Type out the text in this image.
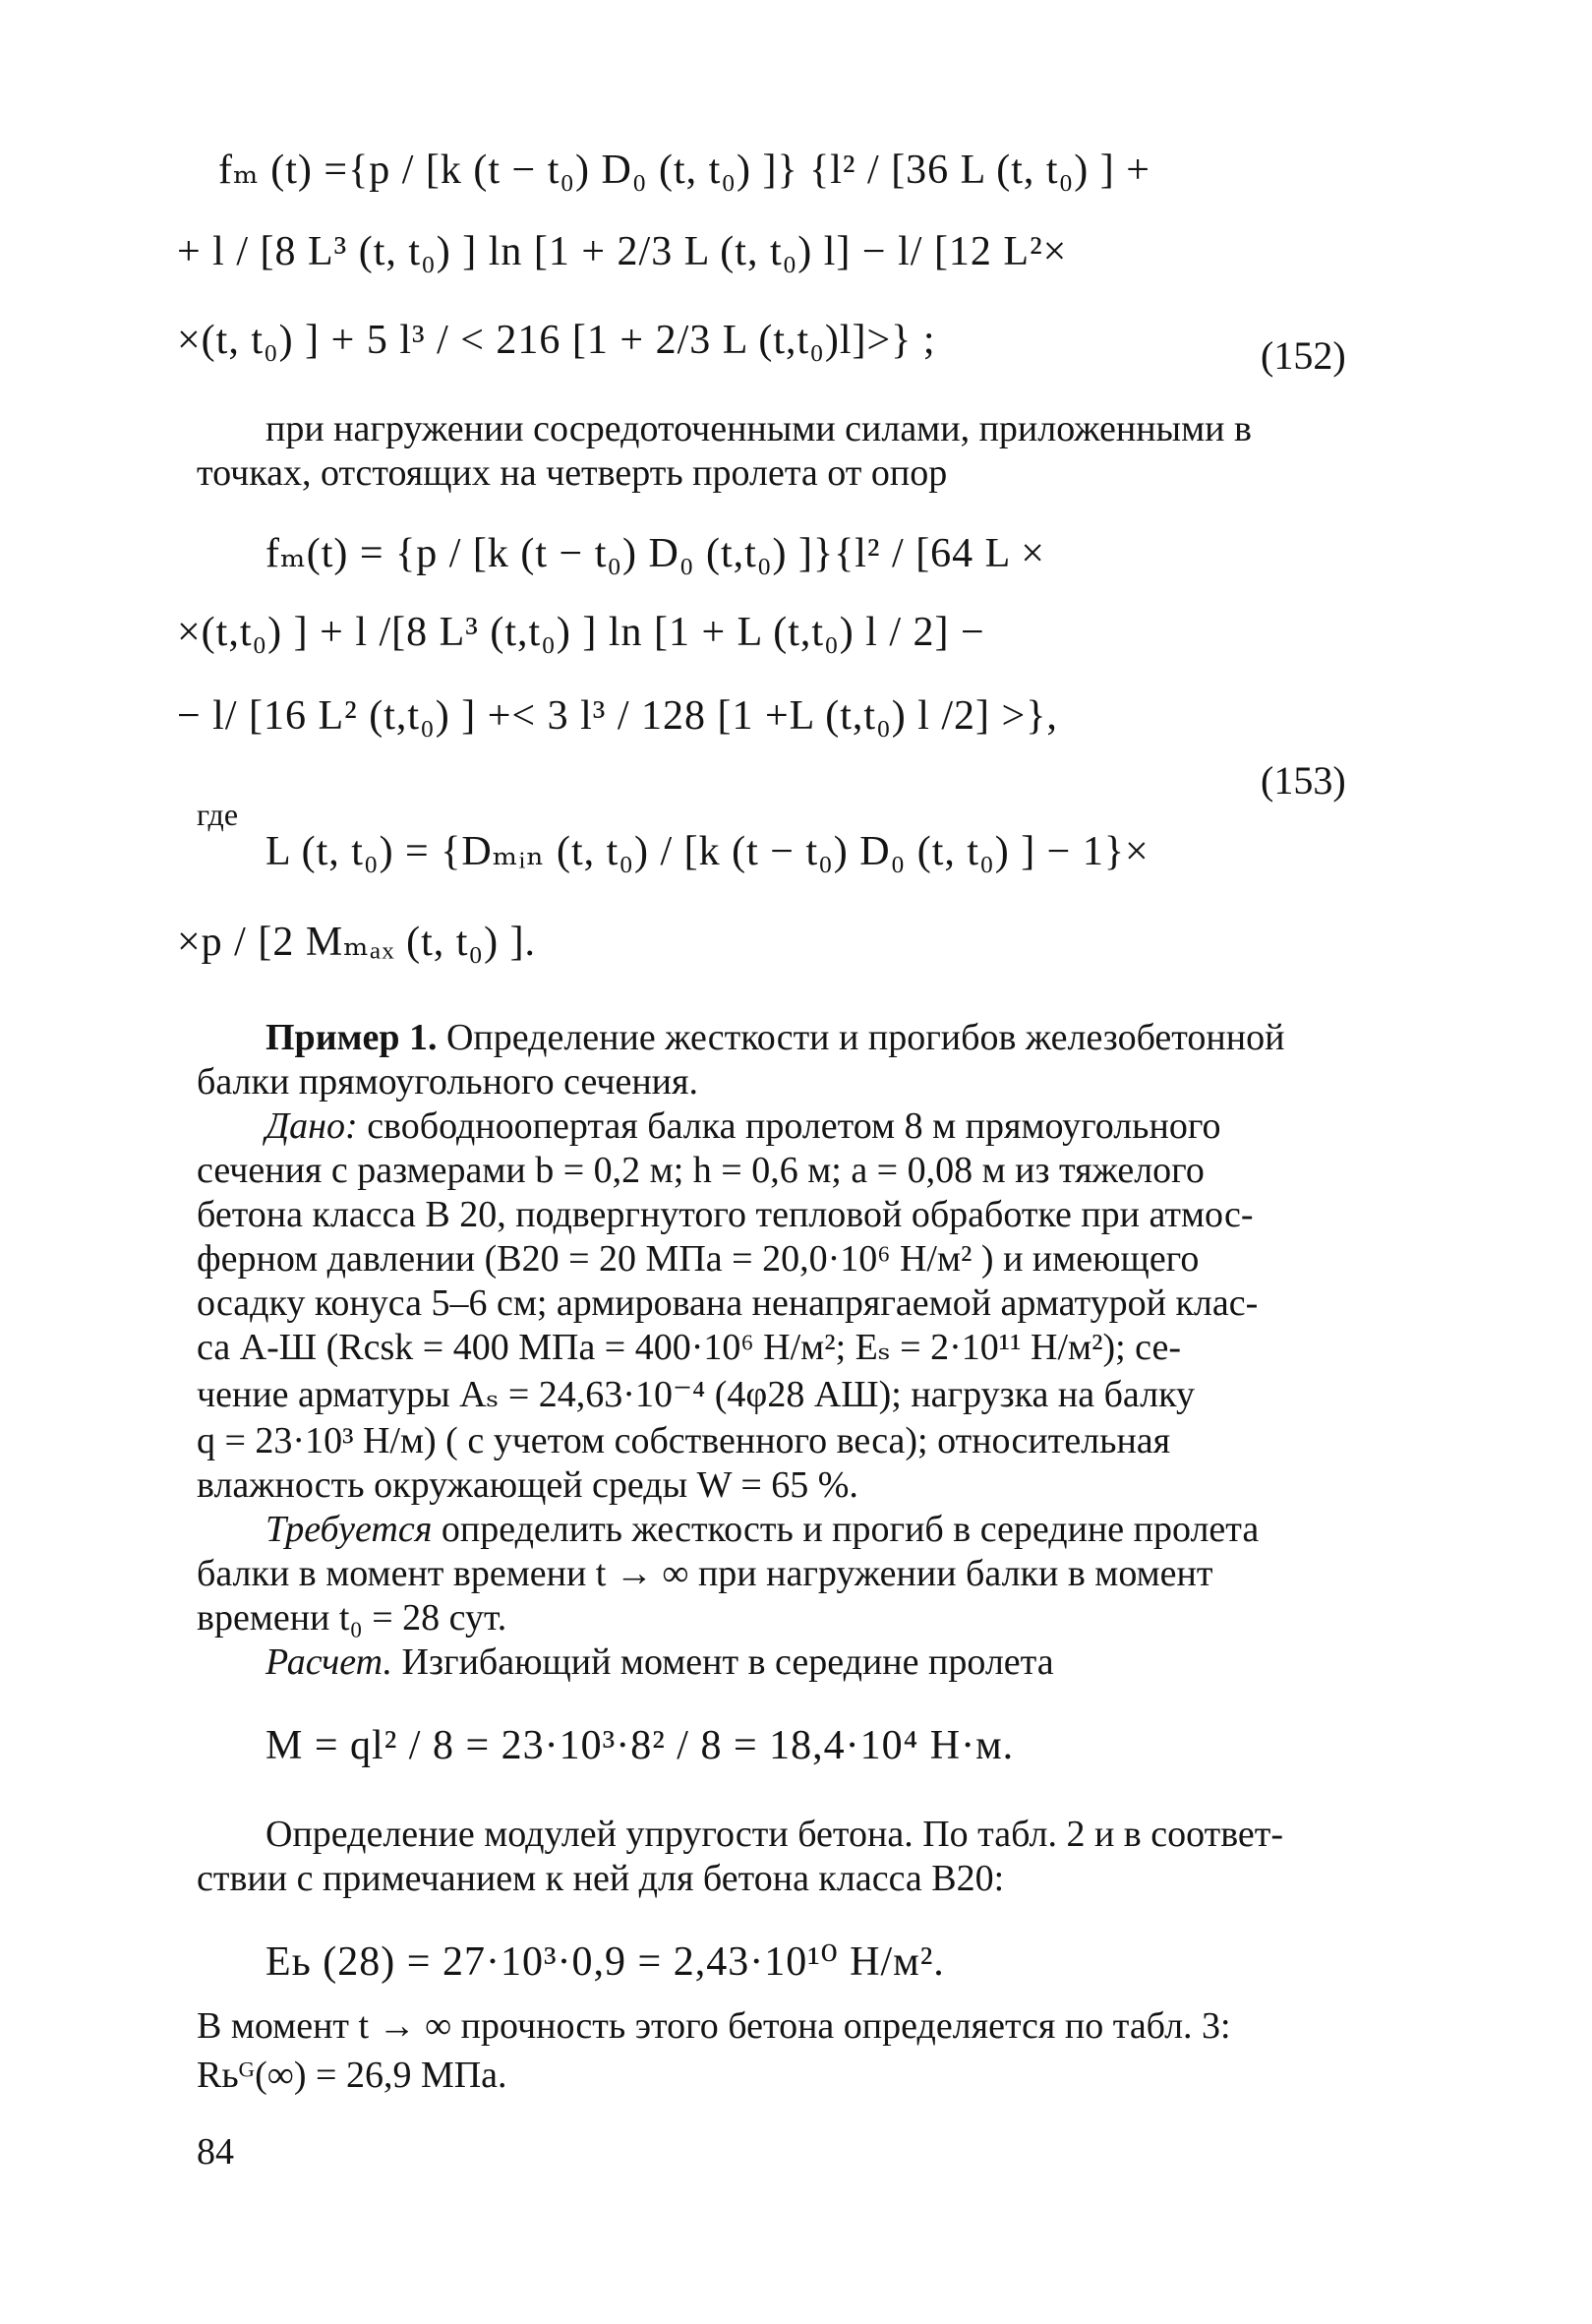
fₘ (t) ={p / [k (t − t₀) D₀ (t, t₀) ]} {l² / [36 L (t, t₀) ] +
+ l / [8 L³ (t, t₀) ] ln [1 + 2/3 L (t, t₀) l] − l/ [12 L²×
×(t, t₀) ] + 5 l³ / < 216 [1 + 2/3 L (t,t₀)l]>} ;	(152)
при нагружении сосредоточенными силами, приложенными в
точках, отстоящих на четверть пролета от опор
fₘ(t) = {p / [k (t − t₀) D₀ (t,t₀) ]}{l² / [64 L ×
×(t,t₀) ] + l /[8 L³ (t,t₀) ] ln [1 + L (t,t₀) l / 2] −
− l/ [16 L² (t,t₀) ] +< 3 l³ / 128 [1 +L (t,t₀) l /2] >},
(153)
где
L (t, t₀) = {Dₘᵢₙ (t, t₀) / [k (t − t₀) D₀ (t, t₀) ] − 1}×
×p / [2 Mₘₐₓ (t, t₀) ].
Пример 1. Определение жесткости и прогибов железобетонной
балки прямоугольного сечения.
Дано: свободноопертая балка пролетом 8 м прямоугольного
сечения с размерами b = 0,2 м; h = 0,6 м; a = 0,08 м из тяжелого
бетона класса В 20, подвергнутого тепловой обработке при атмос-
ферном давлении (В20 = 20 МПа = 20,0·10⁶ H/м² ) и имеющего
осадку конуса 5–6 см; армирована ненапрягаемой арматурой клас-
са А-Ш (Rсsk = 400 МПа = 400·10⁶ H/м²; Eₛ = 2·10¹¹ H/м²); се-
чение арматуры Aₛ = 24,63·10⁻⁴ (4φ28 АШ); нагрузка на балку
q = 23·10³ H/м) ( с учетом собственного веса); относительная
влажность окружающей среды W = 65 %.
Требуется определить жесткость и прогиб в середине пролета
балки в момент времени t → ∞ при нагружении балки в момент
времени t₀ = 28 сут.
Расчет. Изгибающий момент в середине пролета
M = ql² / 8 = 23·10³·8² / 8 = 18,4·10⁴ H·м.
Определение модулей упругости бетона. По табл. 2 и в соответ-
ствии с примечанием к ней для бетона класса B20:
Eь (28) = 27·10³·0,9 = 2,43·10¹⁰ H/м².
В момент t → ∞ прочность этого бетона определяется по табл. 3:
Rьᴳ(∞) = 26,9 МПа.
84
